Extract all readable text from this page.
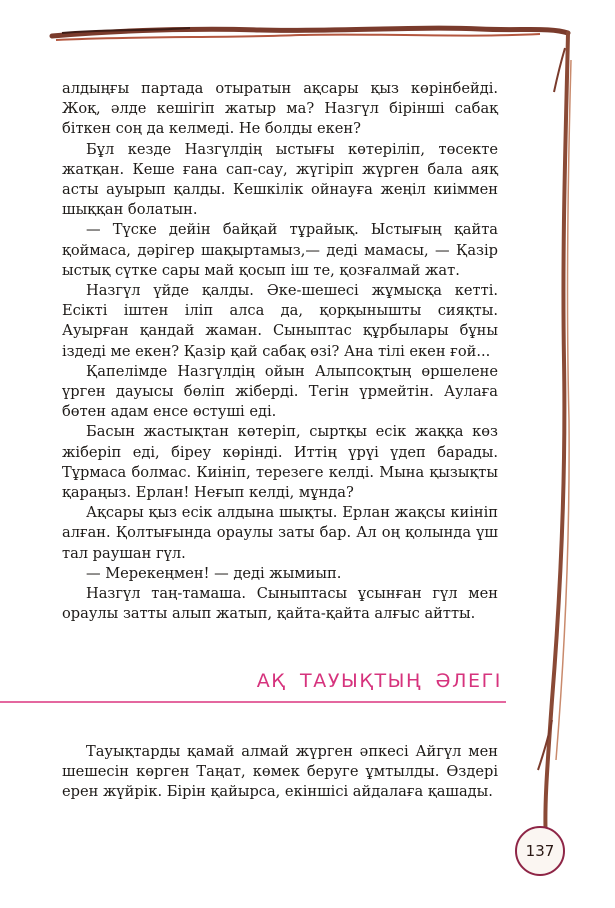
алдыңғы партада отыратын ақсары қыз көрінбейді. Жоқ, әлде кешігіп жатыр ма? Назгүл бірінші сабақ біткен соң да келмеді. Не болды екен?

Бұл кезде Назгүлдің ыстығы көтеріліп, төсекте жатқан. Кеше ғана сап-сау, жүгіріп жүрген бала аяқ асты ауырып қалды. Кешкілік ойнауға жеңіл киіммен шыққан болатын.

— Түске дейін байқай тұрайық. Ыстығың қайта қоймаса, дәрігер шақыртамыз,— деді мамасы, — Қазір ыстық сүтке сары май қосып іш те, қозғалмай жат.

Назгүл үйде қалды. Әке-шешесі жұмысқа кетті. Есікті іштен іліп алса да, қорқынышты сияқты. Ауырған қандай жаман. Сыныптас құрбылары бұны іздеді ме екен? Қазір қай сабақ өзі? Ана тілі екен ғой...

Қапелімде Назгүлдің ойын Алыпсоқтың өршелене үрген дауысы бөліп жіберді. Тегін үрмейтін. Аулаға бөтен адам енсе өстуші еді.

Басын жастықтан көтеріп, сыртқы есік жаққа көз жіберіп еді, біреу көрінді. Иттің үрүі үдеп барады. Тұрмаса болмас. Киініп, терезеге келді. Мына қызықты қараңыз. Ерлан! Неғып келді, мұнда?

Ақсары қыз есік алдына шықты. Ерлан жақсы киініп алған. Қолтығында ораулы заты бар. Ал оң қолында үш тал раушан гүл.

— Мерекеңмен! — деді жымиып.

Назгүл таң-тамаша. Сыныптасы ұсынған гүл мен ораулы затты алып жатып, қайта-қайта алғыс айтты.

АҚ ТАУЫҚТЫҢ ӘЛЕГІ

Тауықтарды қамай алмай жүрген әпкесі Айгүл мен шешесін көрген Таңат, көмек беруге ұмтылды. Өздері ерен жүйрік. Бірін қайырса, екіншісі айдалаға қашады.

137
